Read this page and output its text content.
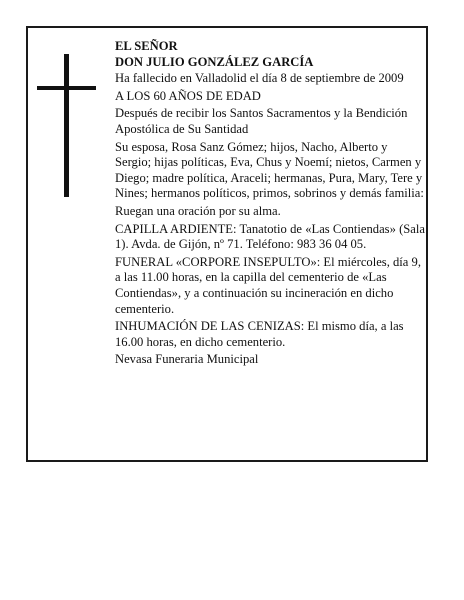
EL SEÑOR

DON JULIO GONZÁLEZ GARCÍA

Ha fallecido en Valladolid el día 8 de septiembre de 2009

A LOS 60 AÑOS DE EDAD

Después de recibir los Santos Sacramentos y la Bendición Apostólica de Su Santidad

Su esposa, Rosa Sanz Gómez; hijos, Nacho, Alberto y Sergio; hijas políticas, Eva, Chus y Noemí; nietos, Carmen y Diego; madre política, Araceli; hermanas, Pura, Mary, Tere y Nines; hermanos políticos, primos, sobrinos y demás familia:

Ruegan una oración por su alma.

CAPILLA ARDIENTE: Tanatotio de «Las Contiendas» (Sala 1). Avda. de Gijón, nº 71. Teléfono: 983 36 04 05.

FUNERAL «CORPORE INSEPULTO»: El miércoles, día 9, a las 11.00 horas, en la capilla del cementerio de «Las Contiendas», y a continuación su incineración en dicho cementerio.

INHUMACIÓN DE LAS CENIZAS: El mismo día, a las 16.00 horas, en dicho cementerio.

Nevasa Funeraria Municipal
